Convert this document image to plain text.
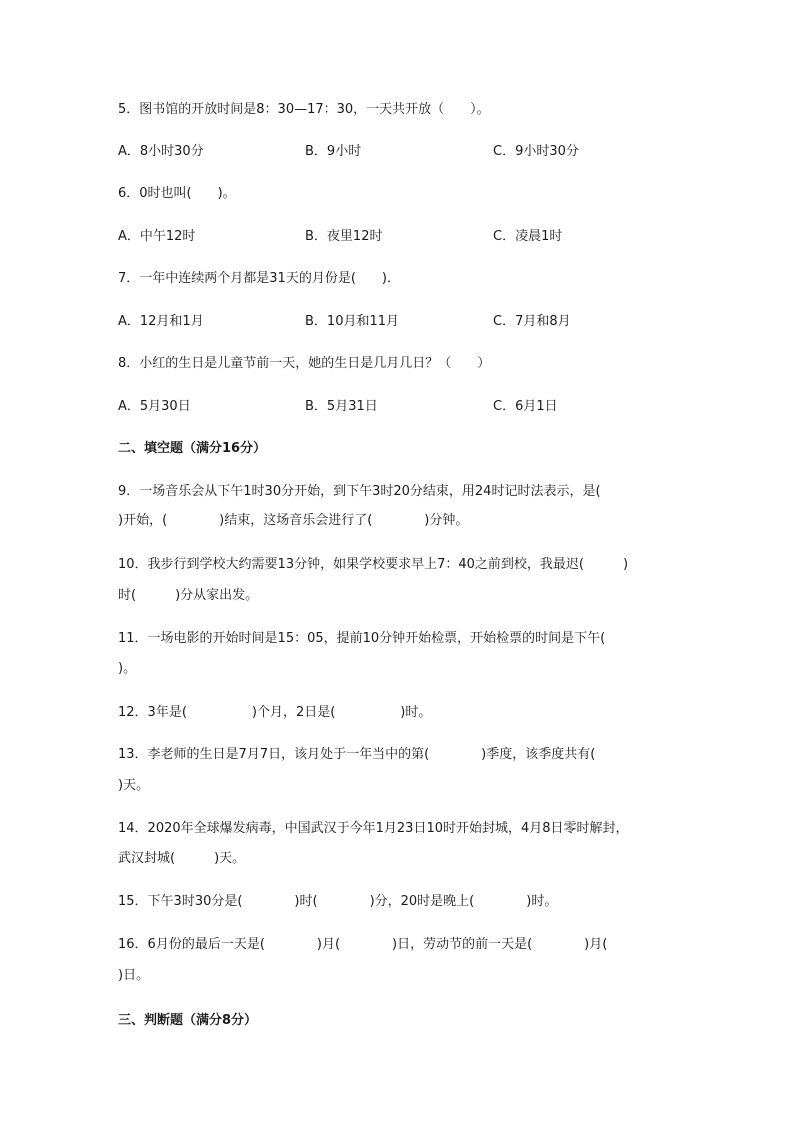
5．图书馆的开放时间是8：30—17：30，一天共开放（　　）。
A．8小时30分	B．9小时	C．9小时30分
6．0时也叫(　　)。
A．中午12时	B．夜里12时	C．凌晨1时
7．一年中连续两个月都是31天的月份是(　　)．
A．12月和1月	B．10月和11月	C．7月和8月
8．小红的生日是儿童节前一天，她的生日是几月几日？（　　）
A．5月30日	B．5月31日	C．6月1日
二、填空题（满分16分）
9．一场音乐会从下午1时30分开始，到下午3时20分结束，用24时记时法表示，是(
)开始，(　　　　)结束，这场音乐会进行了(　　　　)分钟。
10．我步行到学校大约需要13分钟，如果学校要求早上7：40之前到校，我最迟(　　　)
时(　　　)分从家出发。
11．一场电影的开始时间是15：05，提前10分钟开始检票，开始检票的时间是下午(
)。
12．3年是(　　　　　)个月，2日是(　　　　　)时。
13．李老师的生日是7月7日，该月处于一年当中的第(　　　　)季度，该季度共有(
)天。
14．2020年全球爆发病毒，中国武汉于今年1月23日10时开始封城，4月8日零时解封，
武汉封城(　　　)天。
15．下午3时30分是(　　　　)时(　　　　)分，20时是晚上(　　　　)时。
16．6月份的最后一天是(　　　　)月(　　　　)日，劳动节的前一天是(　　　　)月(
)日。
三、判断题（满分8分）
